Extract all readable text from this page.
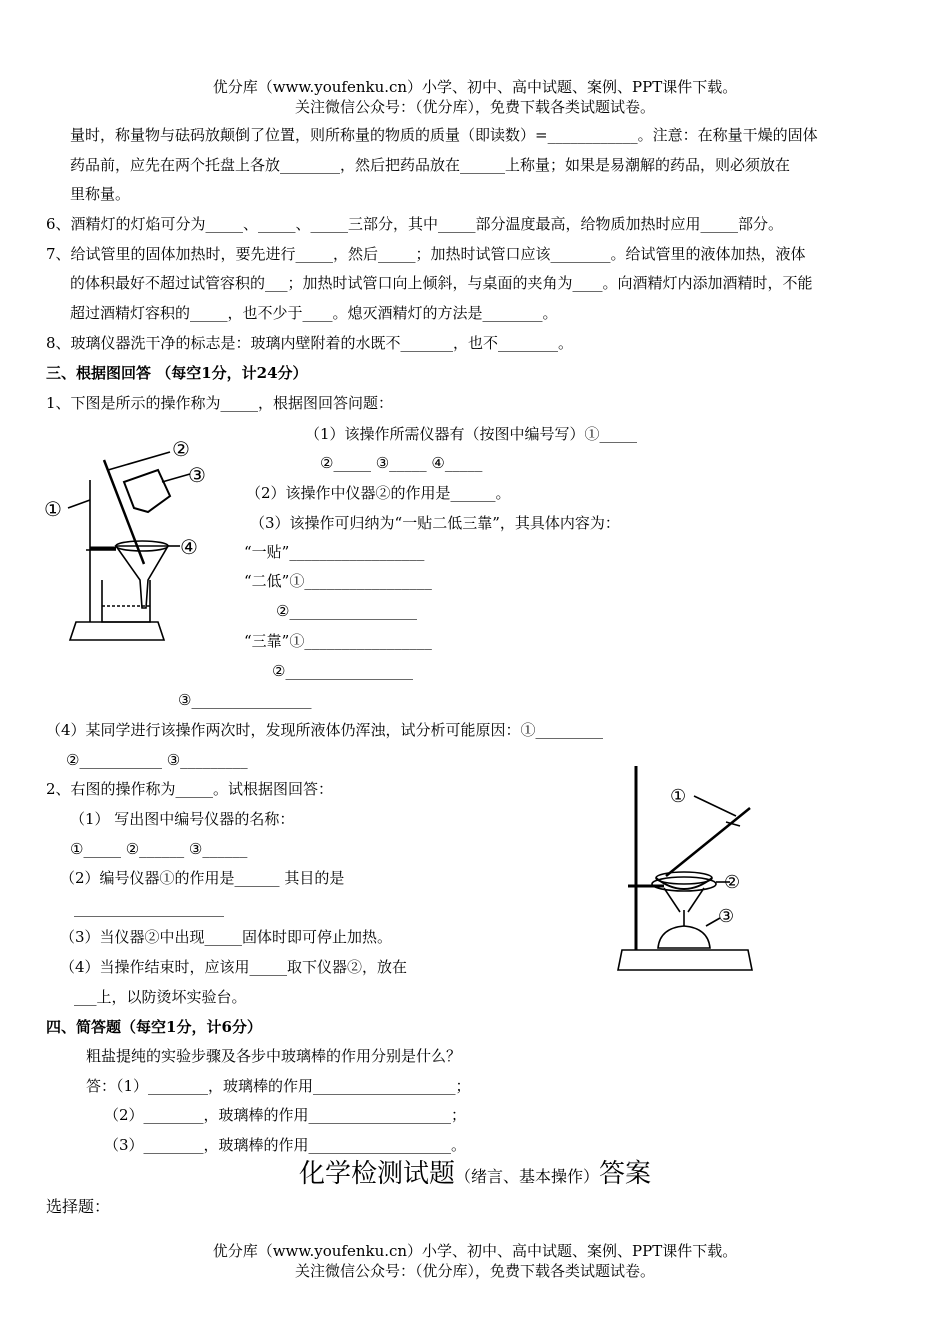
优分库（www.youfenku.cn）小学、初中、高中试题、案例、PPT课件下载。
关注微信公众号：（优分库），免费下载各类试题试卷。
量时，称量物与砝码放颠倒了位置，则所称量的物质的质量（即读数）=____________。注意：在称量干燥的固体
药品前，应先在两个托盘上各放________，然后把药品放在______上称量；如果是易潮解的药品，则必须放在
里称量。
6、酒精灯的灯焰可分为_____、_____、_____三部分，其中_____部分温度最高，给物质加热时应用_____部分。
7、给试管里的固体加热时，要先进行_____，然后_____；加热时试管口应该________。给试管里的液体加热，液体
的体积最好不超过试管容积的___；加热时试管口向上倾斜，与桌面的夹角为____。向酒精灯内添加酒精时，不能
超过酒精灯容积的_____，也不少于____。熄灭酒精灯的方法是________。
8、玻璃仪器洗干净的标志是：玻璃内壁附着的水既不_______，也不________。
三、根据图回答 （每空1分，计24分）
1、下图是所示的操作称为_____，根据图回答问题：
（1）该操作所需仪器有（按图中编号写）①_____
②_____ ③_____ ④_____
（2）该操作中仪器②的作用是______。
（3）该操作可归纳为“一贴二低三靠”，其具体内容为：
“一贴”__________________
“二低”①_________________
②_________________
“三靠”①_________________
②_________________
③________________
（4）某同学进行该操作两次时，发现所液体仍浑浊，试分析可能原因：①_________
②___________ ③_________
2、右图的操作称为_____。试根据图回答：
（1） 写出图中编号仪器的名称：
①_____ ②______ ③______
（2）编号仪器①的作用是______ 其目的是
____________________
（3）当仪器②中出现_____固体时即可停止加热。
（4）当操作结束时，应该用_____取下仪器②，放在
___上，以防烫坏实验台。
四、简答题（每空1分，计6分）
粗盐提纯的实验步骤及各步中玻璃棒的作用分别是什么？
答：（1）________，玻璃棒的作用___________________；
（2）________，玻璃棒的作用___________________；
（3）________，玻璃棒的作用___________________。
化学检测试题（绪言、基本操作）答案
选择题：
优分库（www.youfenku.cn）小学、初中、高中试题、案例、PPT课件下载。
关注微信公众号：（优分库），免费下载各类试题试卷。
②
③
①
④
①
②
③
